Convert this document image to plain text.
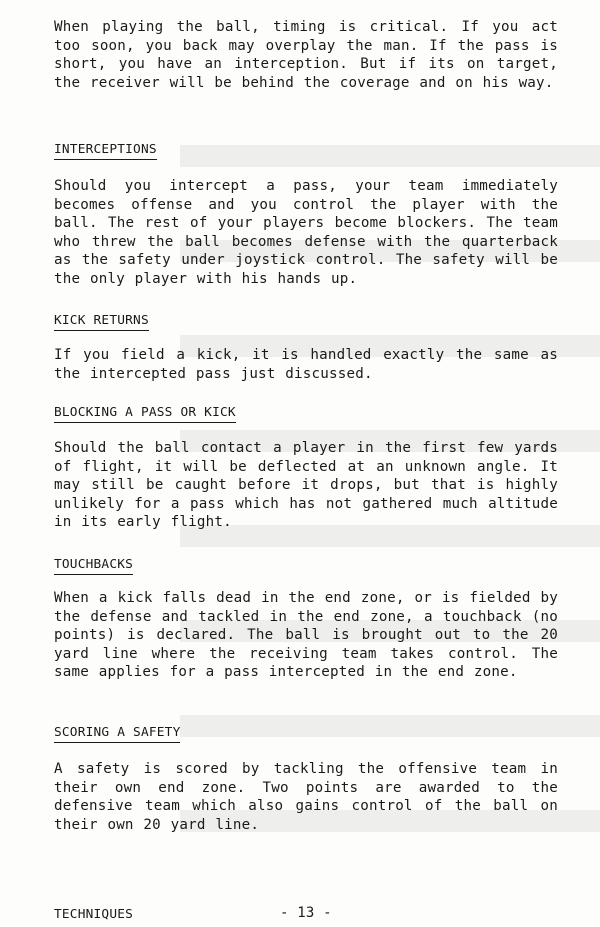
When playing the ball, timing is critical. If you act too soon, you back may overplay the man. If the pass is short, you have an interception. But if its on target, the receiver will be behind the coverage and on his way.

INTERCEPTIONS

Should you intercept a pass, your team immediately becomes offense and you control the player with the ball. The rest of your players become blockers. The team who threw the ball becomes defense with the quarterback as the safety under joystick control. The safety will be the only player with his hands up.

KICK RETURNS

If you field a kick, it is handled exactly the same as the intercepted pass just discussed.

BLOCKING A PASS OR KICK

Should the ball contact a player in the first few yards of flight, it will be deflected at an unknown angle. It may still be caught before it drops, but that is highly unlikely for a pass which has not gathered much altitude in its early flight.

TOUCHBACKS

When a kick falls dead in the end zone, or is fielded by the defense and tackled in the end zone, a touchback (no points) is declared. The ball is brought out to the 20 yard line where the receiving team takes control. The same applies for a pass intercepted in the end zone.

SCORING A SAFETY

A safety is scored by tackling the offensive team in their own end zone. Two points are awarded to the defensive team which also gains control of the ball on their own 20 yard line.

TECHNIQUES	- 13 -
